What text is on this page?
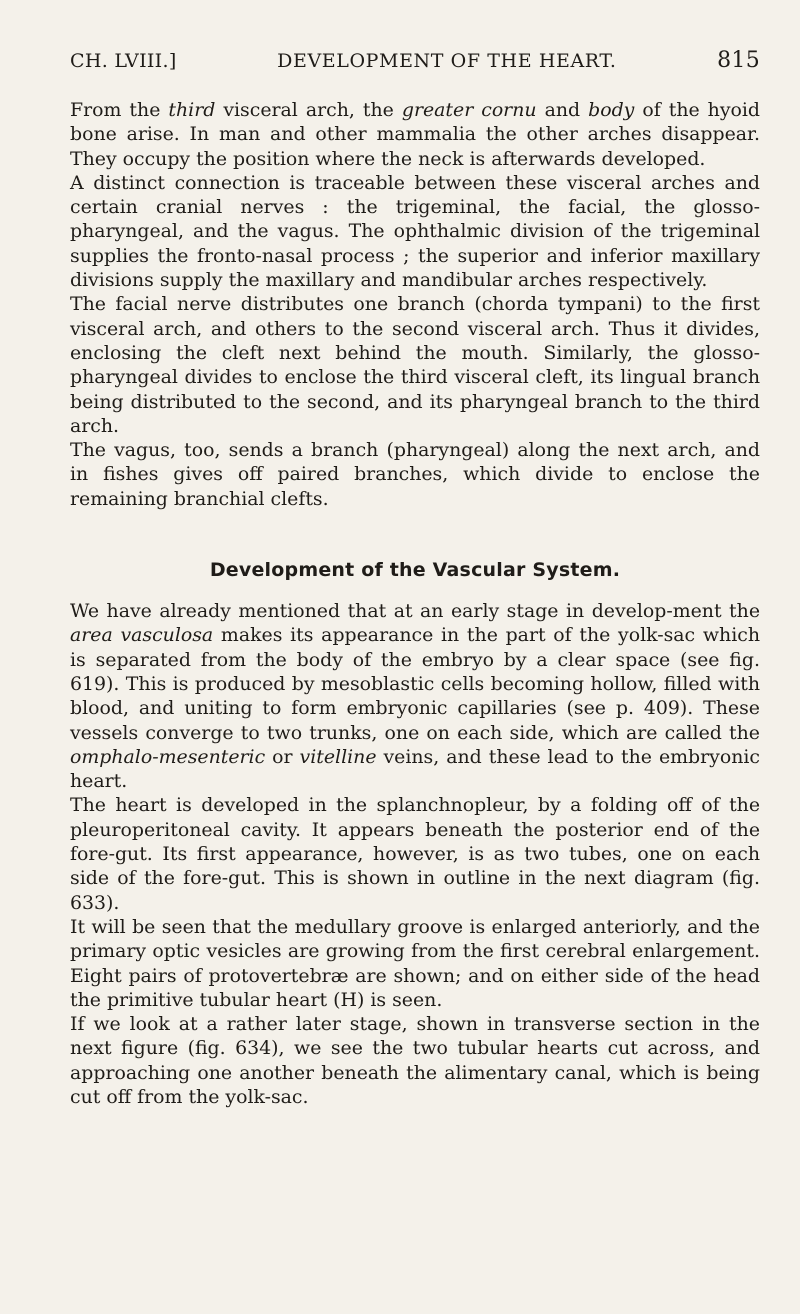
CH. LVIII.]	DEVELOPMENT OF THE HEART.	815

From the third visceral arch, the greater cornu and body of the hyoid bone arise. In man and other mammalia the other arches disappear. They occupy the position where the neck is afterwards developed.

A distinct connection is traceable between these visceral arches and certain cranial nerves : the trigeminal, the facial, the glosso-pharyngeal, and the vagus. The ophthalmic division of the trigeminal supplies the fronto-nasal process ; the superior and inferior maxillary divisions supply the maxillary and mandibular arches respectively.

The facial nerve distributes one branch (chorda tympani) to the first visceral arch, and others to the second visceral arch. Thus it divides, enclosing the cleft next behind the mouth. Similarly, the glosso-pharyngeal divides to enclose the third visceral cleft, its lingual branch being distributed to the second, and its pharyngeal branch to the third arch.

The vagus, too, sends a branch (pharyngeal) along the next arch, and in fishes gives off paired branches, which divide to enclose the remaining branchial clefts.

Development of the Vascular System.

We have already mentioned that at an early stage in develop-ment the area vasculosa makes its appearance in the part of the yolk-sac which is separated from the body of the embryo by a clear space (see fig. 619). This is produced by mesoblastic cells becoming hollow, filled with blood, and uniting to form embryonic capillaries (see p. 409). These vessels converge to two trunks, one on each side, which are called the omphalo-mesenteric or vitelline veins, and these lead to the embryonic heart.

The heart is developed in the splanchnopleur, by a folding off of the pleuroperitoneal cavity. It appears beneath the posterior end of the fore-gut. Its first appearance, however, is as two tubes, one on each side of the fore-gut. This is shown in outline in the next diagram (fig. 633).

It will be seen that the medullary groove is enlarged anteriorly, and the primary optic vesicles are growing from the first cerebral enlargement. Eight pairs of protovertebræ are shown; and on either side of the head the primitive tubular heart (H) is seen.

If we look at a rather later stage, shown in transverse section in the next figure (fig. 634), we see the two tubular hearts cut across, and approaching one another beneath the alimentary canal, which is being cut off from the yolk-sac.
